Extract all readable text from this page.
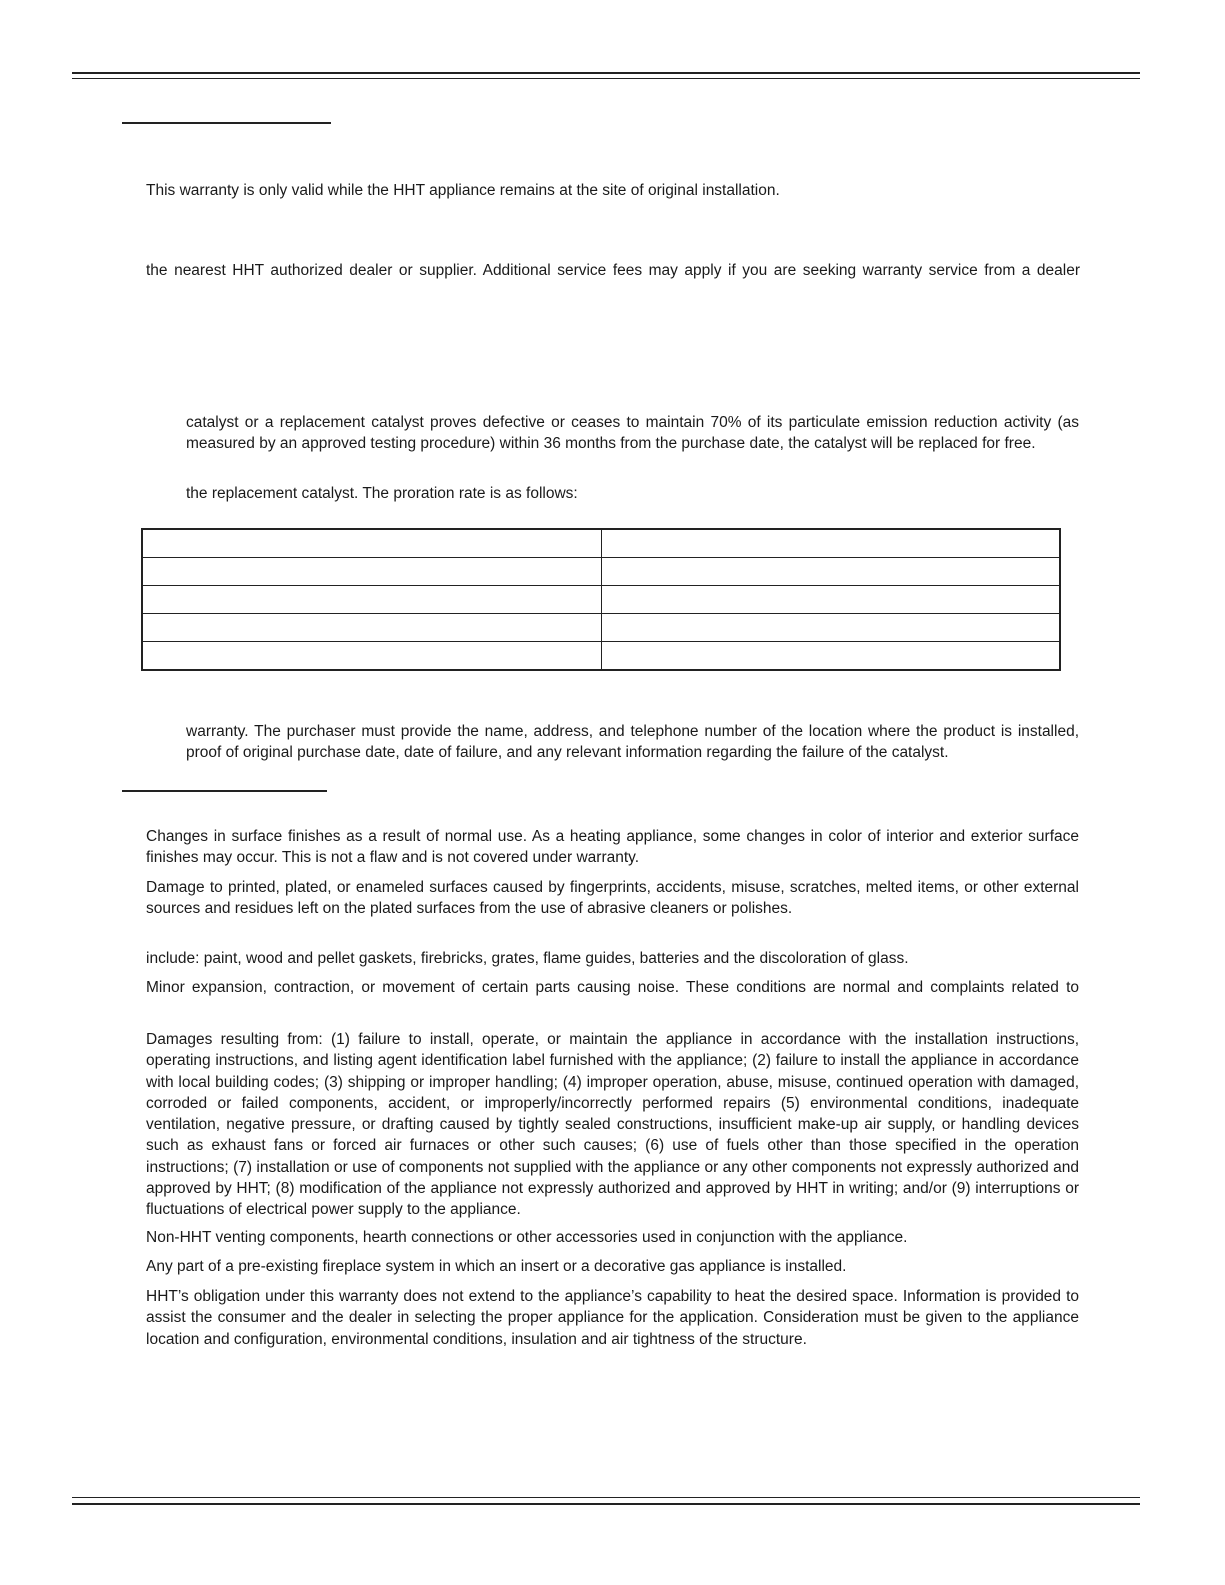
This warranty is only valid while the HHT appliance remains at the site of original installation.
the nearest HHT authorized dealer or supplier. Additional service fees may apply if you are seeking warranty service from a dealer
catalyst or a replacement catalyst proves defective or ceases to maintain 70% of its particulate emission reduction activity (as measured by an approved testing procedure) within 36 months from the purchase date, the catalyst will be replaced for free.
the replacement catalyst. The proration rate is as follows:

warranty. The purchaser must provide the name, address, and telephone number of the location where the product is installed, proof of original purchase date, date of failure, and any relevant information regarding the failure of the catalyst.
Changes in surface finishes as a result of normal use. As a heating appliance, some changes in color of interior and exterior surface finishes may occur. This is not a flaw and is not covered under warranty.
Damage to printed, plated, or enameled surfaces caused by fingerprints, accidents, misuse, scratches, melted items, or other external sources and residues left on the plated surfaces from the use of abrasive cleaners or polishes.
include: paint, wood and pellet gaskets, firebricks, grates, flame guides, batteries and the discoloration of glass.
Minor expansion, contraction, or movement of certain parts causing noise. These conditions are normal and complaints related to
Damages resulting from: (1) failure to install, operate, or maintain the appliance in accordance with the installation instructions, operating instructions, and listing agent identification label furnished with the appliance; (2) failure to install the appliance in accordance with local building codes; (3) shipping or improper handling; (4) improper operation, abuse, misuse, continued operation with damaged, corroded or failed components, accident, or improperly/incorrectly performed repairs (5) environmental conditions, inadequate ventilation, negative pressure, or drafting caused by tightly sealed constructions, insufficient make-up air supply, or handling devices such as exhaust fans or forced air furnaces or other such causes; (6) use of fuels other than those specified in the operation instructions; (7) installation or use of components not supplied with the appliance or any other components not expressly authorized and approved by HHT; (8) modification of the appliance not expressly authorized and approved by HHT in writing; and/or (9) interruptions or fluctuations of electrical power supply to the appliance.
Non-HHT venting components, hearth connections or other accessories used in conjunction with the appliance.
Any part of a pre-existing fireplace system in which an insert or a decorative gas appliance is installed.
HHT’s obligation under this warranty does not extend to the appliance’s capability to heat the desired space. Information is provided to assist the consumer and the dealer in selecting the proper appliance for the application. Consideration must be given to the appliance location and configuration, environmental conditions, insulation and air tightness of the structure.
